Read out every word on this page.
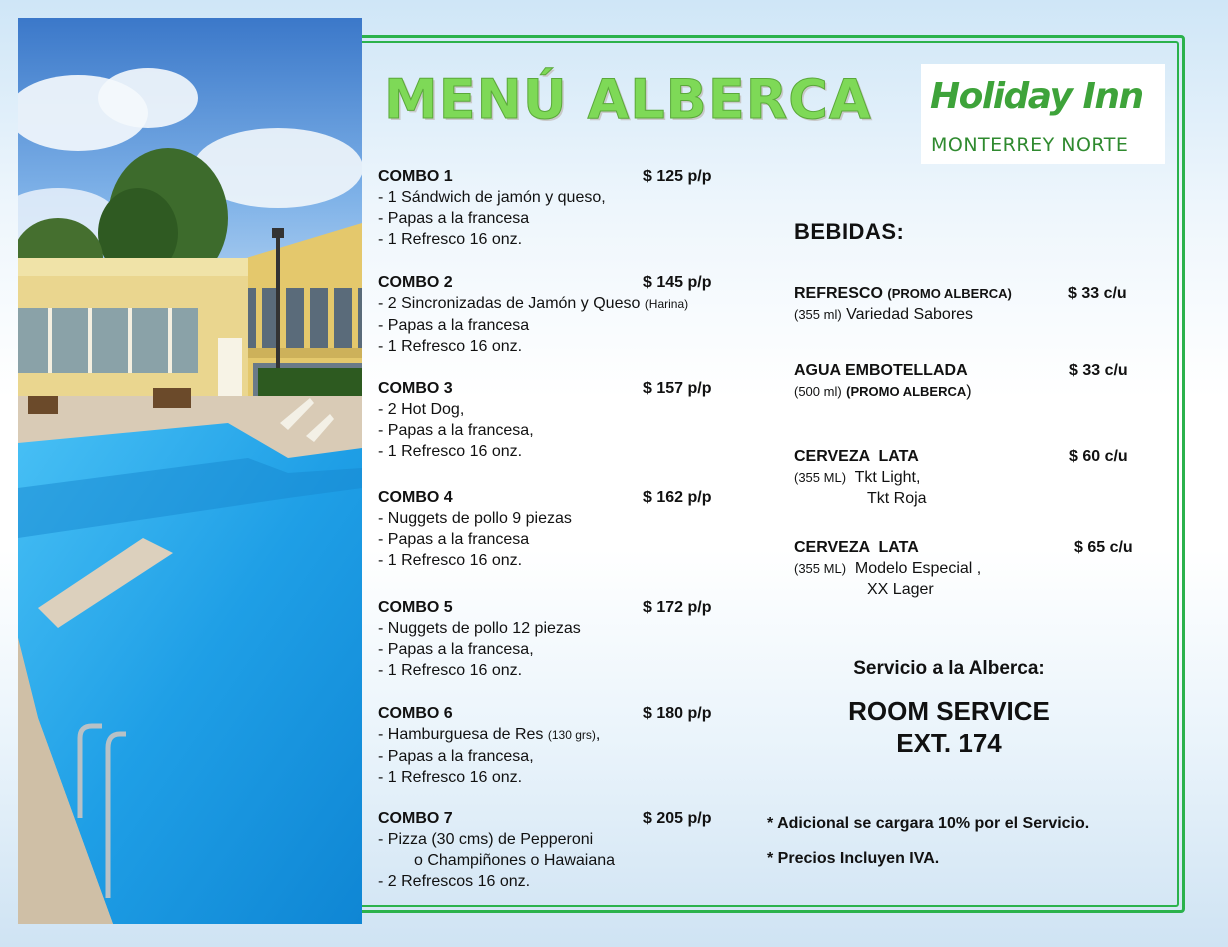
MENÚ ALBERCA Holiday Inn
MONTERREY NORTE
COMBO 1	$ 125 p/p
- 1 Sándwich de jamón y queso,
- Papas a la francesa
- 1 Refresco 16 onz.
COMBO 2	$ 145 p/p
- 2 Sincronizadas de Jamón y Queso (Harina)
- Papas a la francesa
- 1 Refresco 16 onz.
COMBO 3	$ 157 p/p
- 2 Hot Dog,
- Papas a la francesa,
- 1 Refresco 16 onz.
COMBO 4	$ 162 p/p
- Nuggets de pollo 9 piezas
- Papas a la francesa
- 1 Refresco 16 onz.
COMBO 5	$ 172 p/p
- Nuggets de pollo 12 piezas
- Papas a la francesa,
- 1 Refresco 16 onz.
COMBO 6	$ 180 p/p
- Hamburguesa de Res (130 grs),
- Papas a la francesa,
- 1 Refresco 16 onz.
COMBO 7	$ 205 p/p
- Pizza (30 cms) de Pepperoni
o Champiñones o Hawaiana
- 2 Refrescos 16 onz.
BEBIDAS:
REFRESCO (PROMO ALBERCA)	$ 33 c/u
(355 ml) Variedad Sabores
AGUA EMBOTELLADA	$ 33 c/u
(500 ml) (PROMO ALBERCA)
CERVEZA  LATA	$ 60 c/u
(355 ML) Tkt Light,
Tkt Roja
CERVEZA  LATA	$ 65 c/u
(355 ML) Modelo Especial ,
XX Lager
Servicio a la Alberca:
ROOM SERVICE
EXT. 174
* Adicional se cargara 10% por el Servicio.
* Precios Incluyen IVA.
